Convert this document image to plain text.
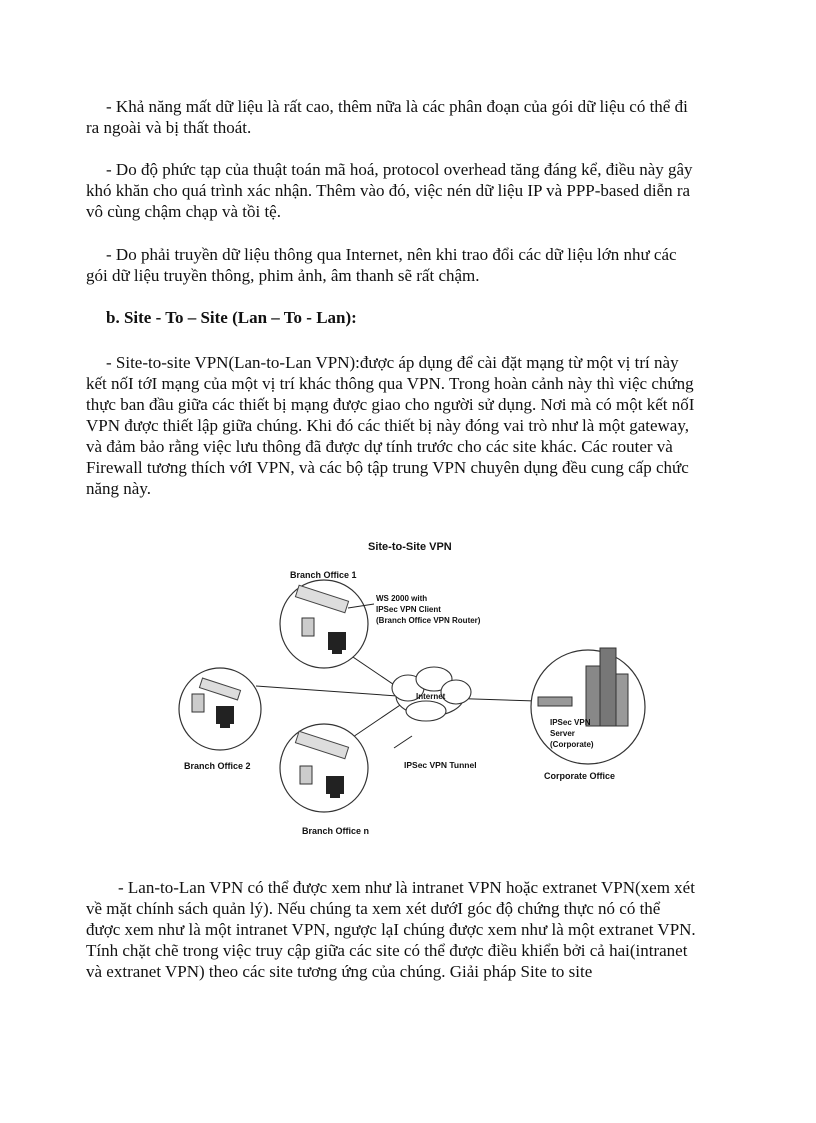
- Khả năng mất dữ liệu là rất cao, thêm nữa là các phân đoạn của gói dữ liệu có thể đi ra ngoài và bị thất thoát.

- Do độ phức tạp của thuật toán mã hoá, protocol overhead tăng đáng kể, điều này gây khó khăn cho quá trình xác nhận. Thêm vào đó, việc nén dữ liệu IP và PPP-based diễn ra vô cùng chậm chạp và tồi tệ.

- Do phải truyền dữ liệu thông qua Internet, nên khi trao đổi các dữ liệu lớn như các gói dữ liệu truyền thông, phim ảnh, âm thanh sẽ rất chậm.

b. Site - To – Site (Lan – To - Lan):

- Site-to-site VPN(Lan-to-Lan VPN):được áp dụng để cài đặt mạng từ một vị trí này kết nốI tớI mạng của một vị trí khác thông qua VPN. Trong hoàn cảnh này thì việc chứng thực ban đầu giữa các thiết bị mạng được giao cho người sử dụng. Nơi mà có một kết nốI VPN được thiết lập giữa chúng. Khi đó các thiết bị này đóng vai trò như là một gateway, và đảm bảo rằng việc lưu thông đã được dự tính trước cho các site khác. Các router và Firewall tương thích vớI VPN, và các bộ tập trung VPN chuyên dụng đều cung cấp chức năng này.

- Lan-to-Lan VPN có thể được xem như là intranet VPN hoặc extranet VPN(xem xét về mặt chính sách quản lý). Nếu chúng ta xem xét dướI góc độ chứng thực nó có thể được xem như là một intranet VPN, ngược lạI chúng được xem như là một extranet VPN. Tính chặt chẽ trong việc truy cập giữa các site có thể được điều khiển bởi cả hai(intranet và extranet VPN) theo các site tương ứng của chúng. Giải pháp Site to site

Site-to-Site VPN
Branch Office 1
WS 2000 with
IPSec VPN Client
(Branch Office VPN Router)
Branch Office 2
Branch Office n
Internet
IPSec VPN Tunnel
IPSec VPN
Server
(Corporate)
Corporate Office
